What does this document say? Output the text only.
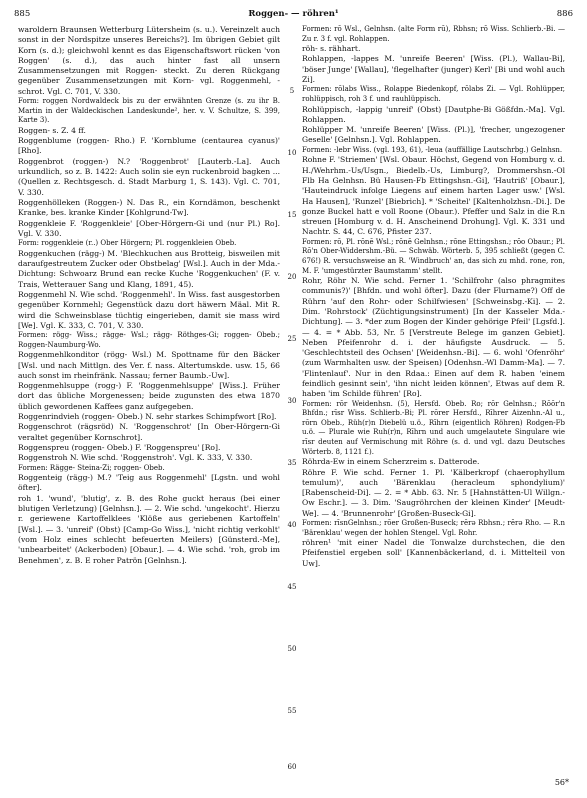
885	Roggen- — röhren¹	886

waroldern Braunsen Wetterburg Lütersheim (s. u.). Vereinzelt auch sonst in der Nordspitze unseres Bereichs?]. Im übrigen Gebiet gilt Korn (s. d.); gleichwohl kennt es das Eigenschaftswort rücken 'von Roggen' (s. d.), das auch hinter fast all unsern Zusammensetzungen mit Roggen- steckt. Zu deren Rückgang gegenüber Zusammensetzungen mit Korn- vgl. Roggenmehl, -schrot. Vgl. C. 701, V. 330.

Form: roggen Nordwaldeck bis zu der erwähnten Grenze (s. zu ihr B. Martin in der Waldeckischen Landeskunde², her. v. V. Schultze, S. 399, Karte 3).

Roggen- s. Z. 4 ff.

Roggenblume (roggen- Rho.) F. 'Kornblume (centaurea cyanus)' [Rho].

Roggenbrot (roggen-) N.? 'Roggenbrot' [Lauterb.-La]. Auch urkundlich, so z. B. 1422: Auch solin sie eyn ruckenbroid bagken ... (Quellen z. Rechtsgesch. d. Stadt Marburg 1, S. 143). Vgl. C. 701, V. 330.

Roggenhölleken (Roggen-) N. Das R., ein Korndämon, beschenkt Kranke, bes. kranke Kinder [Kohlgrund-Tw].

Roggenkleie F. 'Roggenkleie' [Ober-Hörgern-Gi und (nur Pl.) Ro]. Vgl. V. 330.

Form: roggenkleie (r..) Ober Hörgern; Pl. roggenkleien Obeb.

Roggenkuchen (rägg-) M. 'Blechkuchen aus Brotteig, bisweilen mit daraufgestreutem Zucker oder Obstbelag' [Wsl.]. Auch in der Mda.-Dichtung: Schwoarz Brund ean recke Kuche 'Roggenkuchen' (F. v. Trais, Wetterauer Sang und Klang, 1891, 45).

Roggenmehl N. Wie schd. 'Roggenmehl'. In Wiss. fast ausgestorben gegenüber Kornmehl; Gegenstück dazu dort häwern Mäal. Mit R. wird die Schweinsblase tüchtig eingerieben, damit sie mass wird [We]. Vgl. K. 333, C. 701, V. 330.

Formen: rögg- Wiss.; rägge- Wsl.; rägg- Röthges-Gi; roggen- Obeb.; Roggen-Naumburg-Wo.

Roggenmehlkonditor (rögg- Wsl.) M. Spottname für den Bäcker [Wsl. und nach Mittlgn. des Ver. f. nass. Altertumskde. usw. 15, 66 auch sonst im rheinfränk. Nassau; ferner Baumb.-Uw].

Roggenmehlsuppe (rogg-) F. 'Roggenmehlsuppe' [Wiss.]. Früher dort das übliche Morgenessen; beide zugunsten des etwa 1870 üblich gewordenen Kaffees ganz aufgegeben.

Roggenrindvieh (roggen- Obeb.) N. sehr starkes Schimpfwort [Ro].

Roggenschrot (rägsröd) N. 'Roggenschrot' [In Ober-Hörgern-Gi veraltet gegenüber Kornschrot].

Roggenspreu (roggen- Obeb.) F. 'Roggenspreu' [Ro].

Roggenstroh N. Wie schd. 'Roggenstroh'. Vgl. K. 333, V. 330.

Formen: Rägge- Steina-Zi; roggen- Obeb.

Roggenteig (rägg-) M.? 'Teig aus Roggenmehl' [Lgstn. und wohl öfter].

roh 1. 'wund', 'blutig', z. B. des Rohe guckt heraus (bei einer blutigen Verletzung) [Gelnhsn.]. — 2. Wie schd. 'ungekocht'. Hierzu r. geriewene Kartoffelklees 'Klöße aus geriebenen Kartoffeln' [Wsl.]. — 3. 'unreif' (Obst) [Camp-Go Wiss.], 'nicht richtig verkohlt' (vom Holz eines schlecht befeuerten Meilers) [Günsterd.-Me], 'unbearbeitet' (Ackerboden) [Obaur.]. — 4. Wie schd. 'roh, grob im Benehmen', z. B. E roher Patrön [Gelnhsn.].

5
10
15
20
25
30
35
40
45
50
55
60

Formen: rō Wsl., Gelnhsn. (alte Form rū), Rbhsn; rō Wiss. Schlierb.-Bi. — Zu r. 3 f. vgl. Rohlappen.

röh- s. rähhart.

Rohlappen, -lappes M. 'unreife Beeren' [Wiss. (Pl.), Wallau-Bi], 'böser Junge' [Wallau], 'flegelhafter (junger) Kerl' [Bi und wohl auch Zi].

Formen: rōlabs Wiss., Rolappe Biedenkopf, rōlabs Zi. — Vgl. Rohlüpper, rohlüppisch, roh 3 f. und rauhlüppisch.

Rohlüppisch, -lappig 'unreif' (Obst) [Dautphe-Bi Gößfdn.-Ma]. Vgl. Rohlappen.

Rohlüpper M. 'unreife Beeren' [Wiss. (Pl.)], 'frecher, ungezogener Geselle' [Gelnhsn.]. Vgl. Rohlappen.

Formen: -lebr Wiss. (vgl. 193, 61), -leua (auffällige Lautschrbg.) Gelnhsn.

Rohne F. 'Striemen' [Wsl. Obaur. Höchst, Gegend von Homburg v. d. H./Wehrhm.-Us/Usgn., Biedelb.-Us, Limburg?, Drommershsn.-Ol Flb Ha Gelnhsn. Bü Hausen-Fb Ettingshsn.-Gi], 'Hautriß' [Obaur.], 'Hauteindruck infolge Liegens auf einem harten Lager usw.' [Wsl. Ha Hausen], 'Runzel' [Biebrich]. * 'Scheitel' [Kaltenholzhsn.-Di.]. De gonze Buckel hatt e voll Roone (Obaur.). Pfeffer und Salz in die R.n streuen [Homburg v. d. H. Anscheinend Drohung]. Vgl. K. 331 und Nachtr. S. 44, C. 676, Pfister 237.

Formen: rō, Pl. rōnē Wsl.; rōnē Gelnhsn.; rōne Ettingshsn.; rōo Obaur.; Pl. Rō'n Ober-Widdershm.-Bü. — Schwäb. Wörterb. 5, 395 schließt (gegen C. 676!) R. versuchsweise an R. 'Windbruch' an, das sich zu mhd. rone, ron, M. F. 'umgestürzter Baumstamm' stellt.

Rohr, Röhr N. Wie schd. Ferner 1. 'Schilfrohr (also phragmites communis?)' [Bhfdn. und wohl öfter]. Dazu (der Flurname?) Off de Rührn 'auf den Rohr- oder Schilfwiesen' [Schweinsbg.-Ki]. — 2. Dim. 'Rohrstock' (Züchtigungsinstrument) [In der Kasseler Mda.-Dichtung]. — 3. *der zum Bogen der Kinder gehörige Pfeil' [Lgsfd.]. — 4. = * Abb. 53, Nr. 5 [Verstreute Belege im ganzen Gebiet]. Neben Pfeifenrohr d. i. der häufigste Ausdruck. — 5. 'Geschlechtsteil des Ochsen' [Weidenhsn.-Bi]. — 6. wohl 'Ofenröhr' (zum Warmhalten usw. der Speisen) [Odenhsn.-Wl Damm-Ma]. — 7. 'Flintenlauf'. Nur in den Rdaa.: Einen auf dem R. haben 'einem feindlich gesinnt sein', 'ihn nicht leiden können', Etwas auf dem R. haben 'im Schilde führen' [Ro].

Formen: rōr Weidenhsn. (5), Hersfd. Obeb. Ro; rōr Gelnhsn.; Rōōr'n Bhfdn.; rīsr Wiss. Schlierb.-Bi; Pl. rōrer Hersfd., Rīhrer Aizenhn.-Al u., rōrn Obeb., Rüh(r)n Diebelü u.ö., Rīhrn (eigentlich Röhren) Rodgen-Fb u.ö. — Plurale wie Ruh(r)n, Rīhrn und auch umgelautete Singulare wie rīsr deuten auf Vermischung mit Röhre (s. d. und vgl. dazu Deutsches Wörterb. 8, 1121 f.).

Röhrda-Ew in einem Scherzreim s. Datterode.

Röhre F. Wie schd. Ferner 1. Pl. 'Kälberkropf (chaerophyllum temulum)', auch 'Bärenklau (heracleum sphondylium)' [Rabenscheid-Di]. — 2. = * Abb. 63. Nr. 5 [Hahnstätten-Ul Willgn.-Ow Eschr.]. — 3. Dim. 'Saugröhrchen der kleinen Kinder' [Meudt-We]. — 4. 'Brunnenrohr' [Großen-Buseck-Gi].

Formen: rīsnGelnhsn.; rōer Großen-Buseck; rērə Rbhsn.; rērə Rho. — R.n 'Bärenklau' wegen der hohlen Stengel. Vgl. Rohr.

röhren¹ 'mit einer Nadel die Tonwalze durchstechen, die den Pfeifenstiel ergeben soll' [Kannenbäckerland, d. i. Mittelteil von Uw].

56*
